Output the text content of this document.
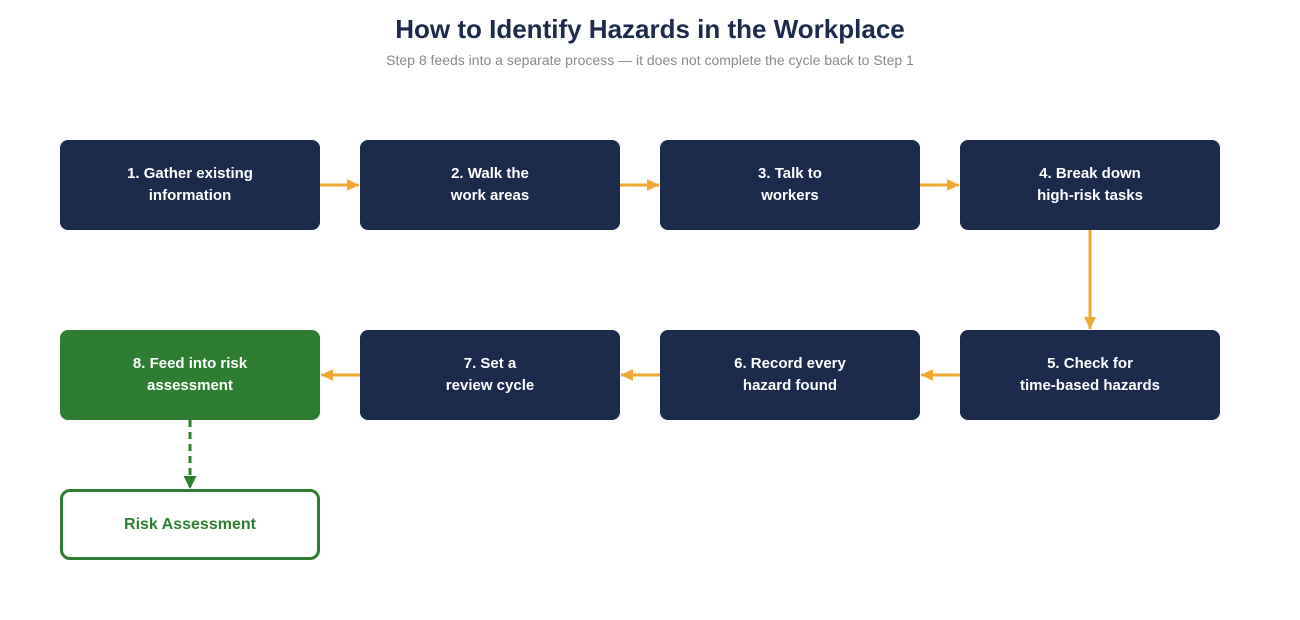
How to Identify Hazards in the Workplace
Step 8 feeds into a separate process — it does not complete the cycle back to Step 1
1. Gather existing
information
2. Walk the
work areas
3. Talk to
workers
4. Break down
high-risk tasks
5. Check for
time-based hazards
6. Record every
hazard found
7. Set a
review cycle
8. Feed into risk
assessment
Risk Assessment
